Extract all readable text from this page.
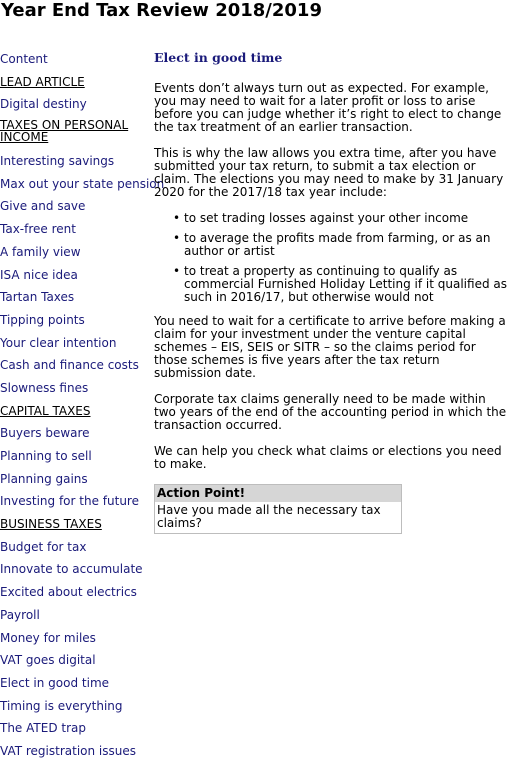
Year End Tax Review 2018/2019
Content
LEAD ARTICLE
Digital destiny
TAXES ON PERSONAL INCOME
Interesting savings
Max out your state pension
Give and save
Tax-free rent
A family view
ISA nice idea
Tartan Taxes
Tipping points
Your clear intention
Cash and finance costs
Slowness fines
CAPITAL TAXES
Buyers beware
Planning to sell
Planning gains
Investing for the future
BUSINESS TAXES
Budget for tax
Innovate to accumulate
Excited about electrics
Payroll
Money for miles
VAT goes digital
Elect in good time
Timing is everything
The ATED trap
VAT registration issues
Elect in good time

Events don’t always turn out as expected. For example, you may need to wait for a later profit or loss to arise before you can judge whether it’s right to elect to change the tax treatment of an earlier transaction.

This is why the law allows you extra time, after you have submitted your tax return, to submit a tax election or claim. The elections you may need to make by 31 January 2020 for the 2017/18 tax year include:

• to set trading losses against your other income
• to average the profits made from farming, or as an author or artist
• to treat a property as continuing to qualify as commercial Furnished Holiday Letting if it qualified as such in 2016/17, but otherwise would not

You need to wait for a certificate to arrive before making a claim for your investment under the venture capital schemes – EIS, SEIS or SITR – so the claims period for those schemes is five years after the tax return submission date.

Corporate tax claims generally need to be made within two years of the end of the accounting period in which the transaction occurred.

We can help you check what claims or elections you need to make.

Action Point!
Have you made all the necessary tax claims?
